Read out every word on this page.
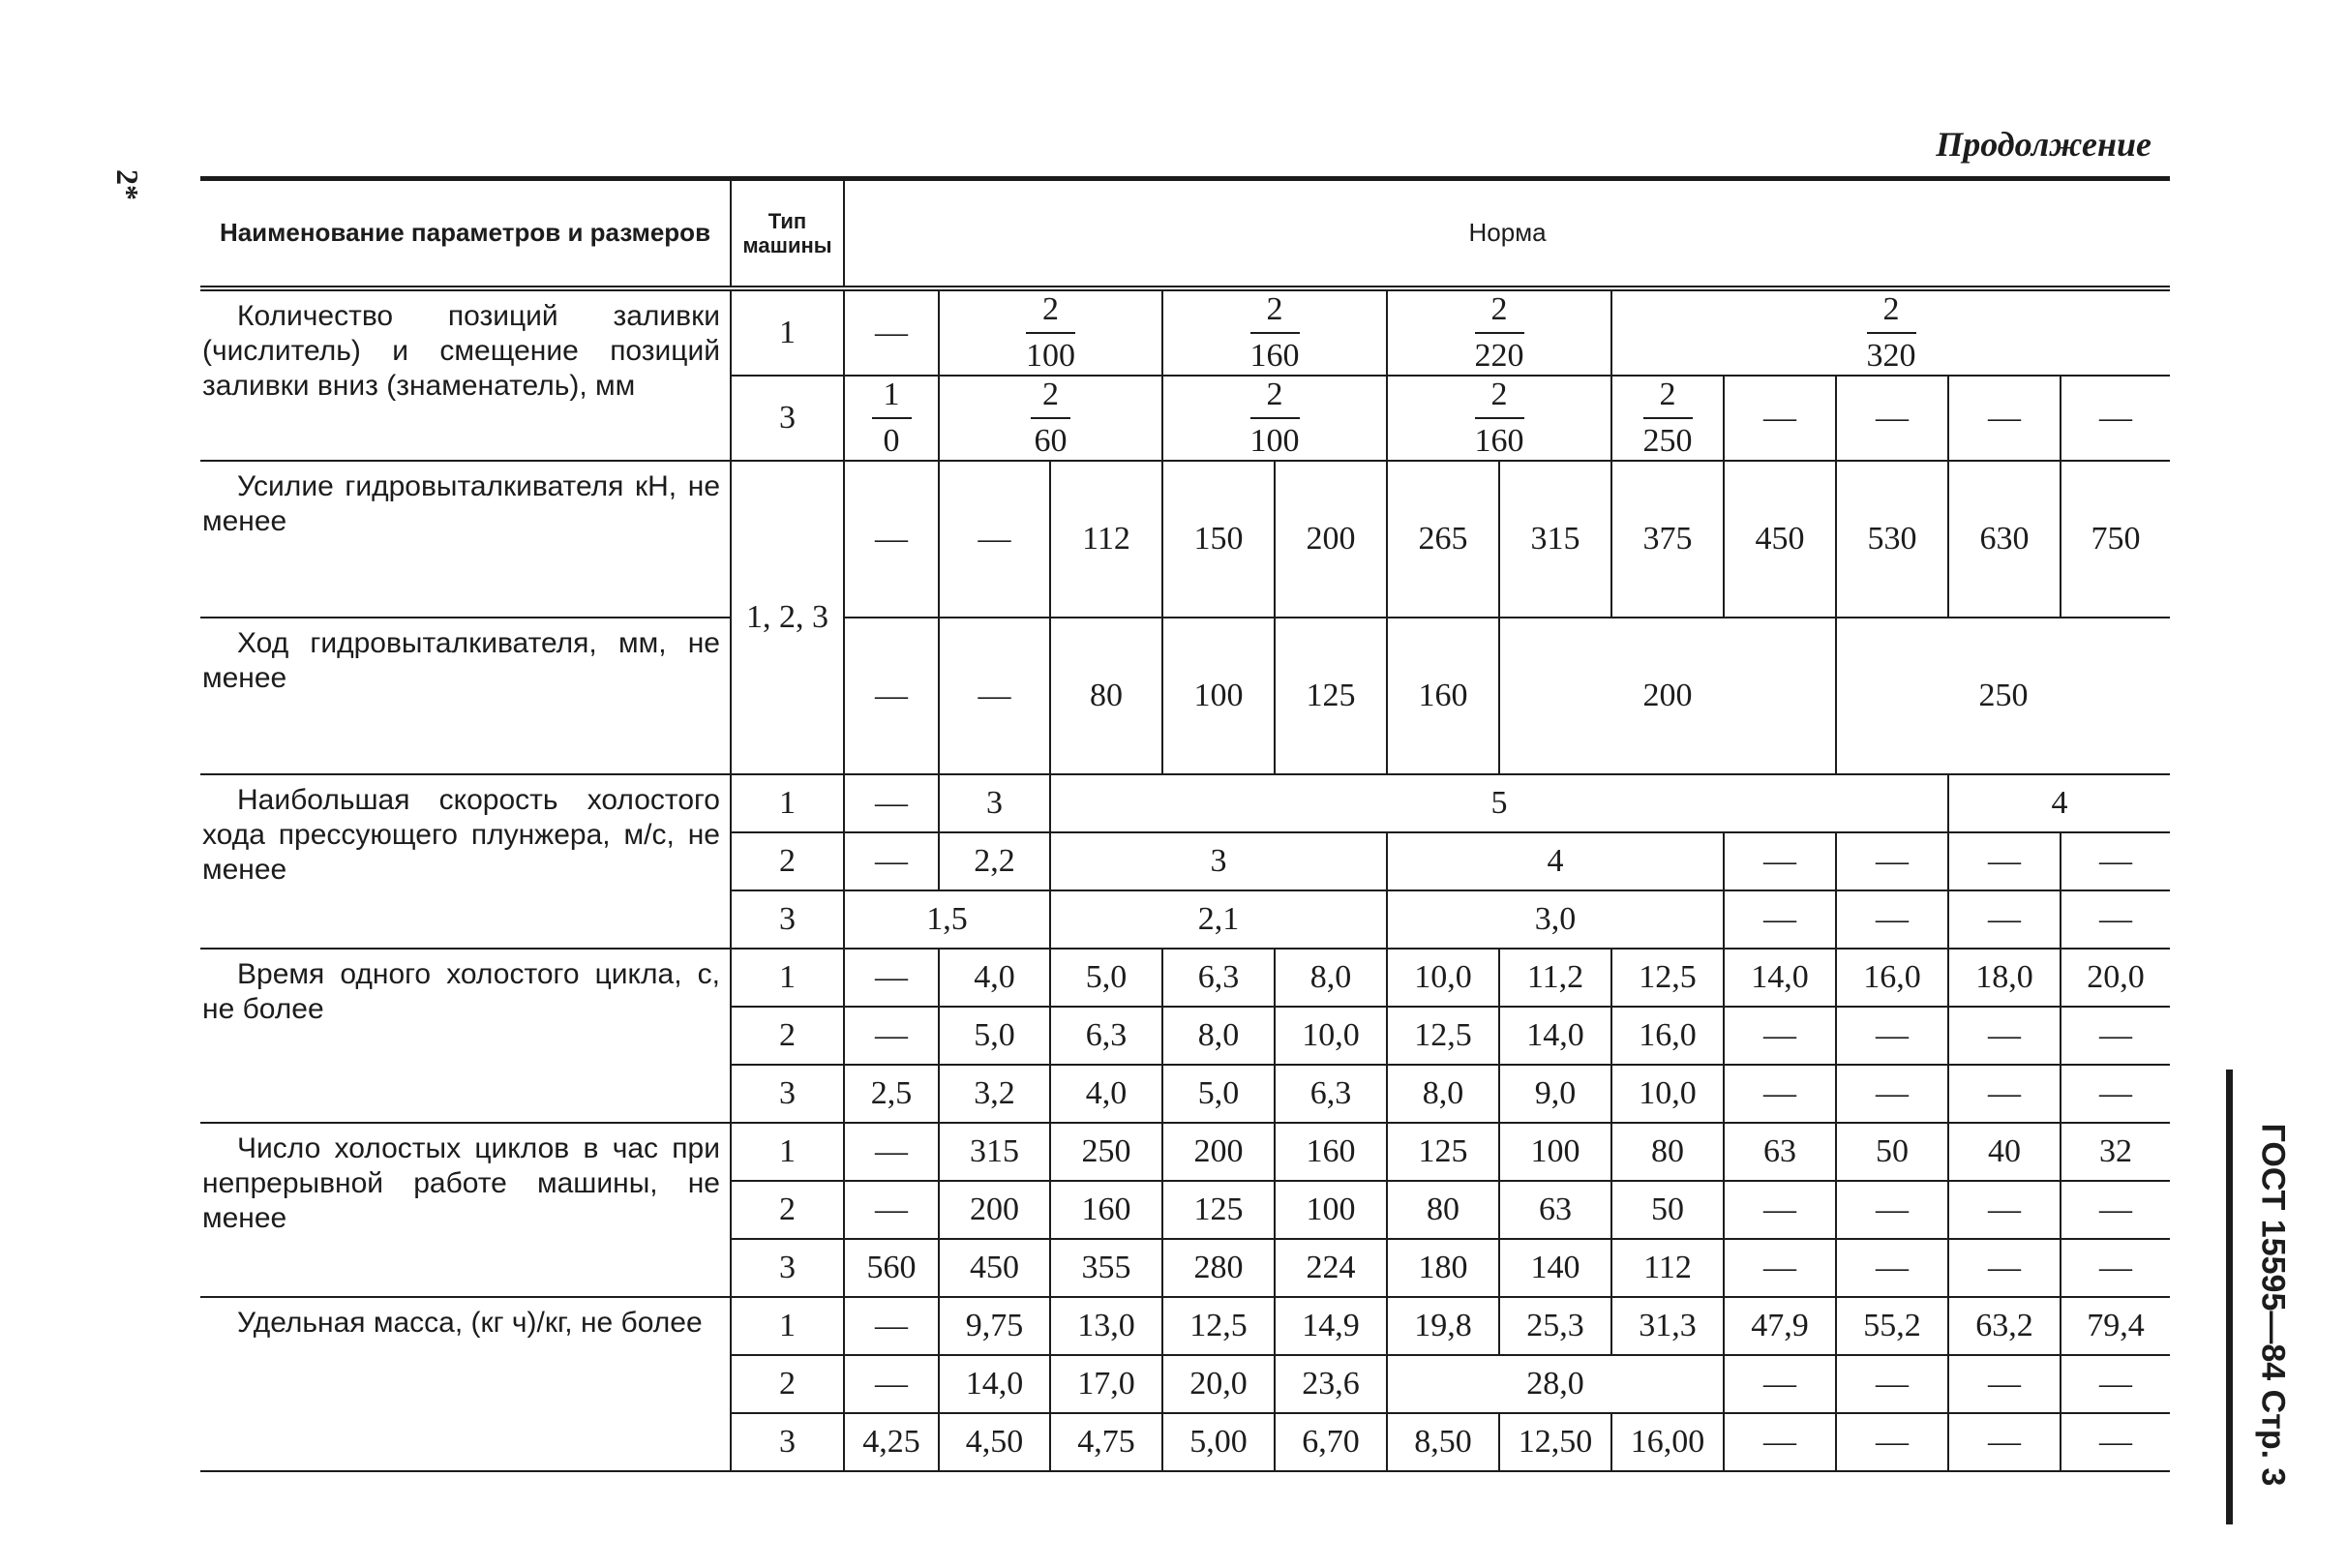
Продолжение
2*
ГОСТ 15595—84 Стр. 3
Наименование параметров и размеров	Тип машины	Норма											
Количество позиций заливки (числитель) и смещение позиций заливки вниз (знаменатель), мм	1	—	$\frac{2}{100}$		$\frac{2}{160}$		$\frac{2}{220}$		$\frac{2}{320}$

	3	$\frac{1}{0}$	$\frac{2}{60}$		$\frac{2}{100}$		$\frac{2}{160}$		$\frac{2}{250}$	—	—	—	—
Усилие гидровыталкивателя кН, не менее	1, 2, 3	—	—	112	150	200	265	315	375	450	530	630	750
Ход гидровыталкивателя, мм, не менее		—	—	80	100	125	160	200			250		
Наибольшая скорость холостого хода прессующего плунжера, м/с, не менее	1	—	3	5								4	
	2	—	2,2	3			4			—	—	—	—
	3	1,5		2,1			3,0			—	—	—	—
Время одного холостого цикла, с, не более	1	—	4,0	5,0	6,3	8,0	10,0	11,2	12,5	14,0	16,0	18,0	20,0
	2	—	5,0	6,3	8,0	10,0	12,5	14,0	16,0	—	—	—	—
	3	2,5	3,2	4,0	5,0	6,3	8,0	9,0	10,0	—	—	—	—
Число холостых циклов в час при непрерывной работе машины, не менее	1	—	315	250	200	160	125	100	80	63	50	40	32
	2	—	200	160	125	100	80	63	50	—	—	—	—
	3	560	450	355	280	224	180	140	112	—	—	—	—
Удельная масса, (кг ч)/кг, не более	1	—	9,75	13,0	12,5	14,9	19,8	25,3	31,3	47,9	55,2	63,2	79,4
	2	—	14,0	17,0	20,0	23,6	28,0			—	—	—	—
	3	4,25	4,50	4,75	5,00	6,70	8,50	12,50	16,00	—	—	—	—
